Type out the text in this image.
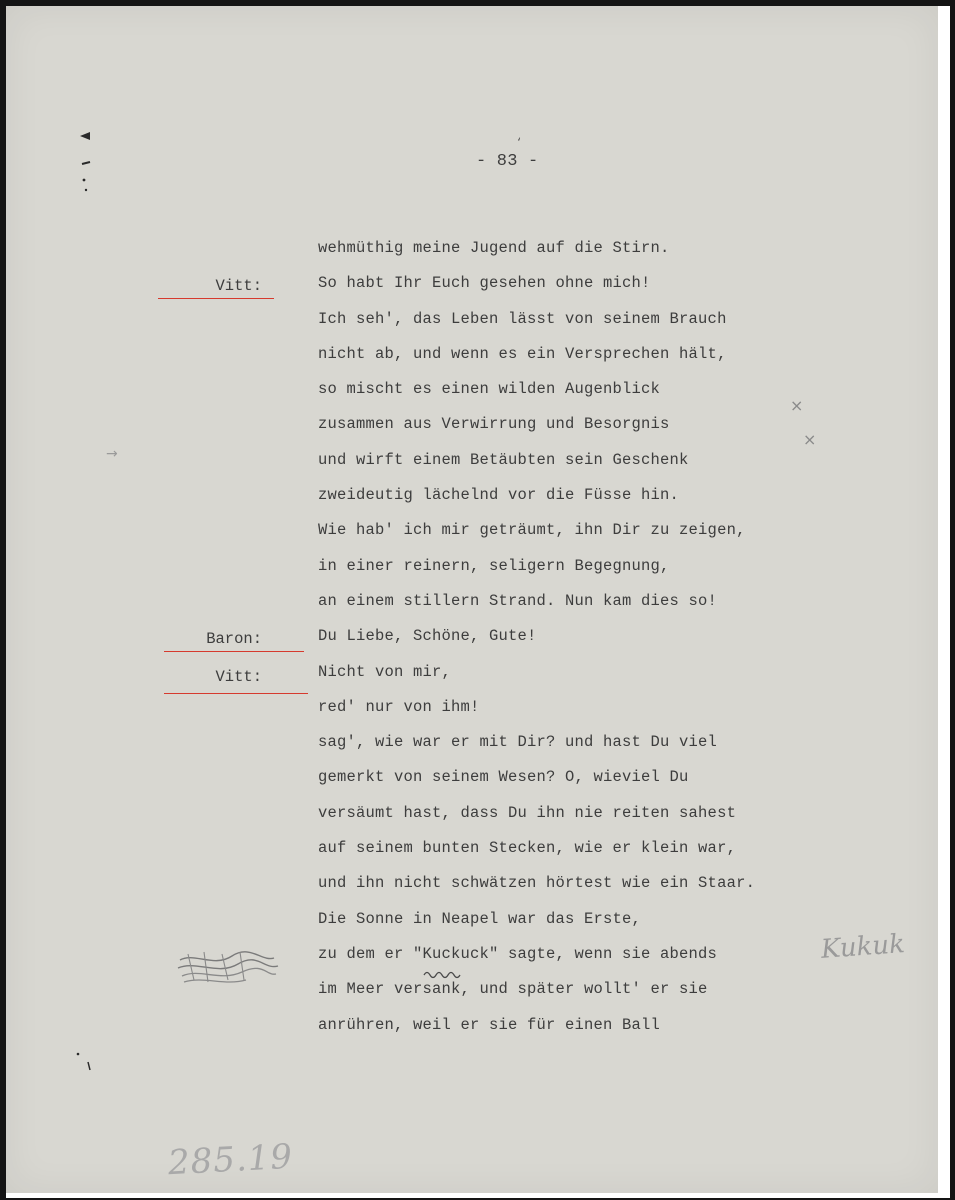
- 83 -
‘
Vitt:
Baron:
Vitt:
wehmüthig meine Jugend auf die Stirn.
So habt Ihr Euch gesehen ohne mich!
Ich seh', das Leben lässt von seinem Brauch
nicht ab, und wenn es ein Versprechen hält,
so mischt es einen wilden Augenblick
zusammen aus Verwirrung und Besorgnis
und wirft einem Betäubten sein Geschenk
zweideutig lächelnd vor die Füsse hin.
Wie hab' ich mir geträumt, ihn Dir zu zeigen,
in einer reinern, seligern Begegnung,
an einem stillern Strand. Nun kam dies so!
Du Liebe, Schöne, Gute!
Nicht von mir,
red' nur von ihm!
sag', wie war er mit Dir? und hast Du viel
gemerkt von seinem Wesen? O, wieviel Du
versäumt hast, dass Du ihn nie reiten sahest
auf seinem bunten Stecken, wie er klein war,
und ihn nicht schwätzen hörtest wie ein Staar.
Die Sonne in Neapel war das Erste,
zu dem er "Kuckuck" sagte, wenn sie abends
im Meer versank, und später wollt' er sie
anrühren, weil er sie für einen Ball
×
×
→
Kukuk
285.19
